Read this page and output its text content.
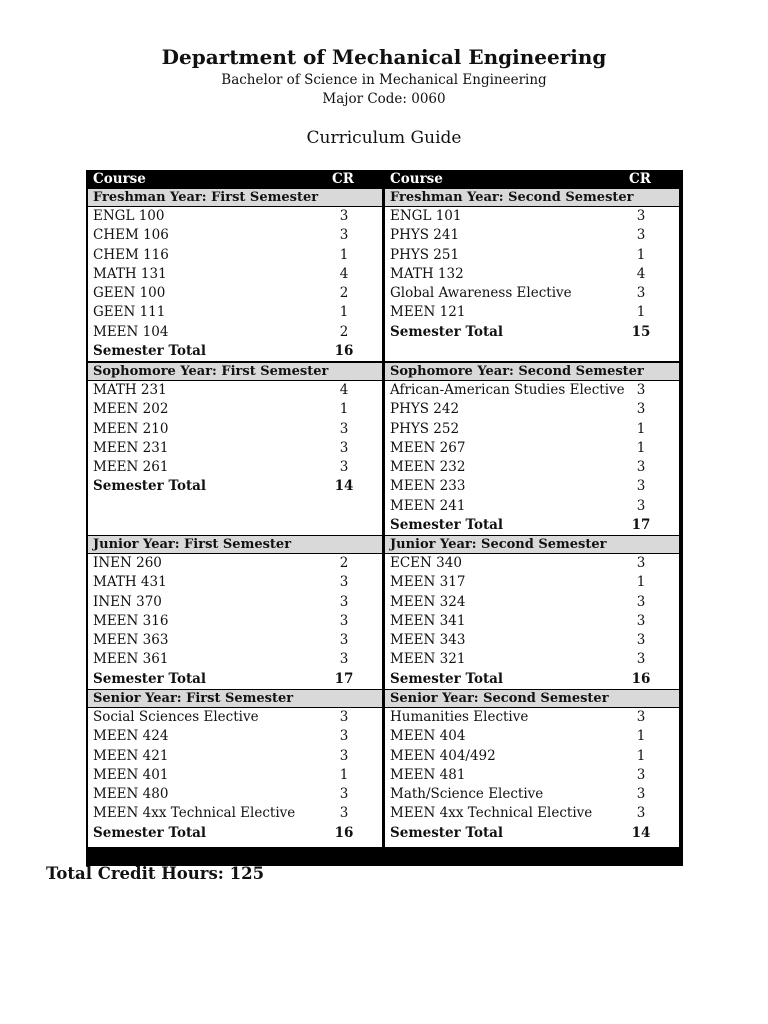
Department of Mechanical Engineering
Bachelor of Science in Mechanical Engineering
Major Code: 0060
Curriculum Guide
Course	CR
Freshman Year: First Semester
ENGL 100	3
CHEM 106	3
CHEM 116	1
MATH 131	4
GEEN 100	2
GEEN 111	1
MEEN 104	2
Semester Total	16
Sophomore Year: First Semester
MATH 231	4
MEEN 202	1
MEEN 210	3
MEEN 231	3
MEEN 261	3
Semester Total	14
Junior Year: First Semester
INEN 260	2
MATH 431	3
INEN 370	3
MEEN 316	3
MEEN 363	3
MEEN 361	3
Semester Total	17
Senior Year: First Semester
Social Sciences Elective	3
MEEN 424	3
MEEN 421	3
MEEN 401	1
MEEN 480	3
MEEN 4xx Technical Elective	3
Semester Total	16
Course	CR
Freshman Year: Second Semester
ENGL 101	3
PHYS 241	3
PHYS 251	1
MATH 132	4
Global Awareness Elective	3
MEEN 121	1
Semester Total	15
Sophomore Year: Second Semester
African-American Studies Elective 3
PHYS 242	3
PHYS 252	1
MEEN 267	1
MEEN 232	3
MEEN 233	3
MEEN 241	3
Semester Total	17
Junior Year: Second Semester
ECEN 340	3
MEEN 317	1
MEEN 324	3
MEEN 341	3
MEEN 343	3
MEEN 321	3
Semester Total	16
Senior Year: Second Semester
Humanities Elective	3
MEEN 404	1
MEEN 404/492	1
MEEN 481	3
Math/Science Elective	3
MEEN 4xx Technical Elective	3
Semester Total	14
Total Credit Hours: 125
